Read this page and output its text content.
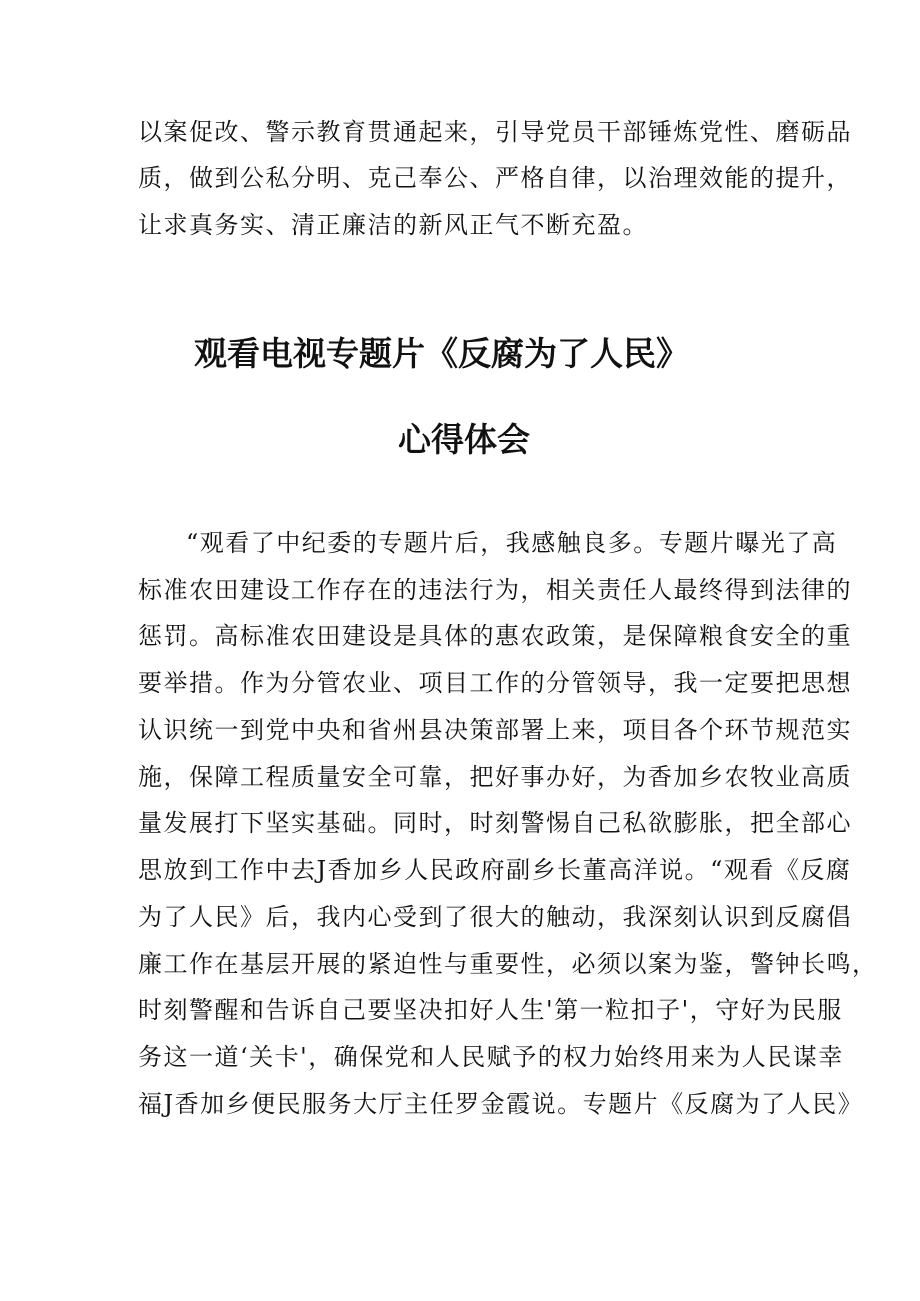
以案促改、警示教育贯通起来，引导党员干部锤炼党性、磨砺品
质，做到公私分明、克己奉公、严格自律，以治理效能的提升，
让求真务实、清正廉洁的新风正气不断充盈。
观看电视专题片《反腐为了人民》
心得体会
“观看了中纪委的专题片后，我感触良多。专题片曝光了高
标准农田建设工作存在的违法行为，相关责任人最终得到法律的
惩罚。高标准农田建设是具体的惠农政策，是保障粮食安全的重
要举措。作为分管农业、项目工作的分管领导，我一定要把思想
认识统一到党中央和省州县决策部署上来，项目各个环节规范实
施，保障工程质量安全可靠，把好事办好，为香加乡农牧业高质
量发展打下坚实基础。同时，时刻警惕自己私欲膨胀，把全部心
思放到工作中去J香加乡人民政府副乡长董高洋说。“观看《反腐
为了人民》后，我内心受到了很大的触动，我深刻认识到反腐倡
廉工作在基层开展的紧迫性与重要性，必须以案为鉴，警钟长鸣，
时刻警醒和告诉自己要坚决扣好人生'第一粒扣子'，守好为民服
务这一道‘关卡'，确保党和人民赋予的权力始终用来为人民谋幸
福J香加乡便民服务大厅主任罗金霞说。专题片《反腐为了人民》
